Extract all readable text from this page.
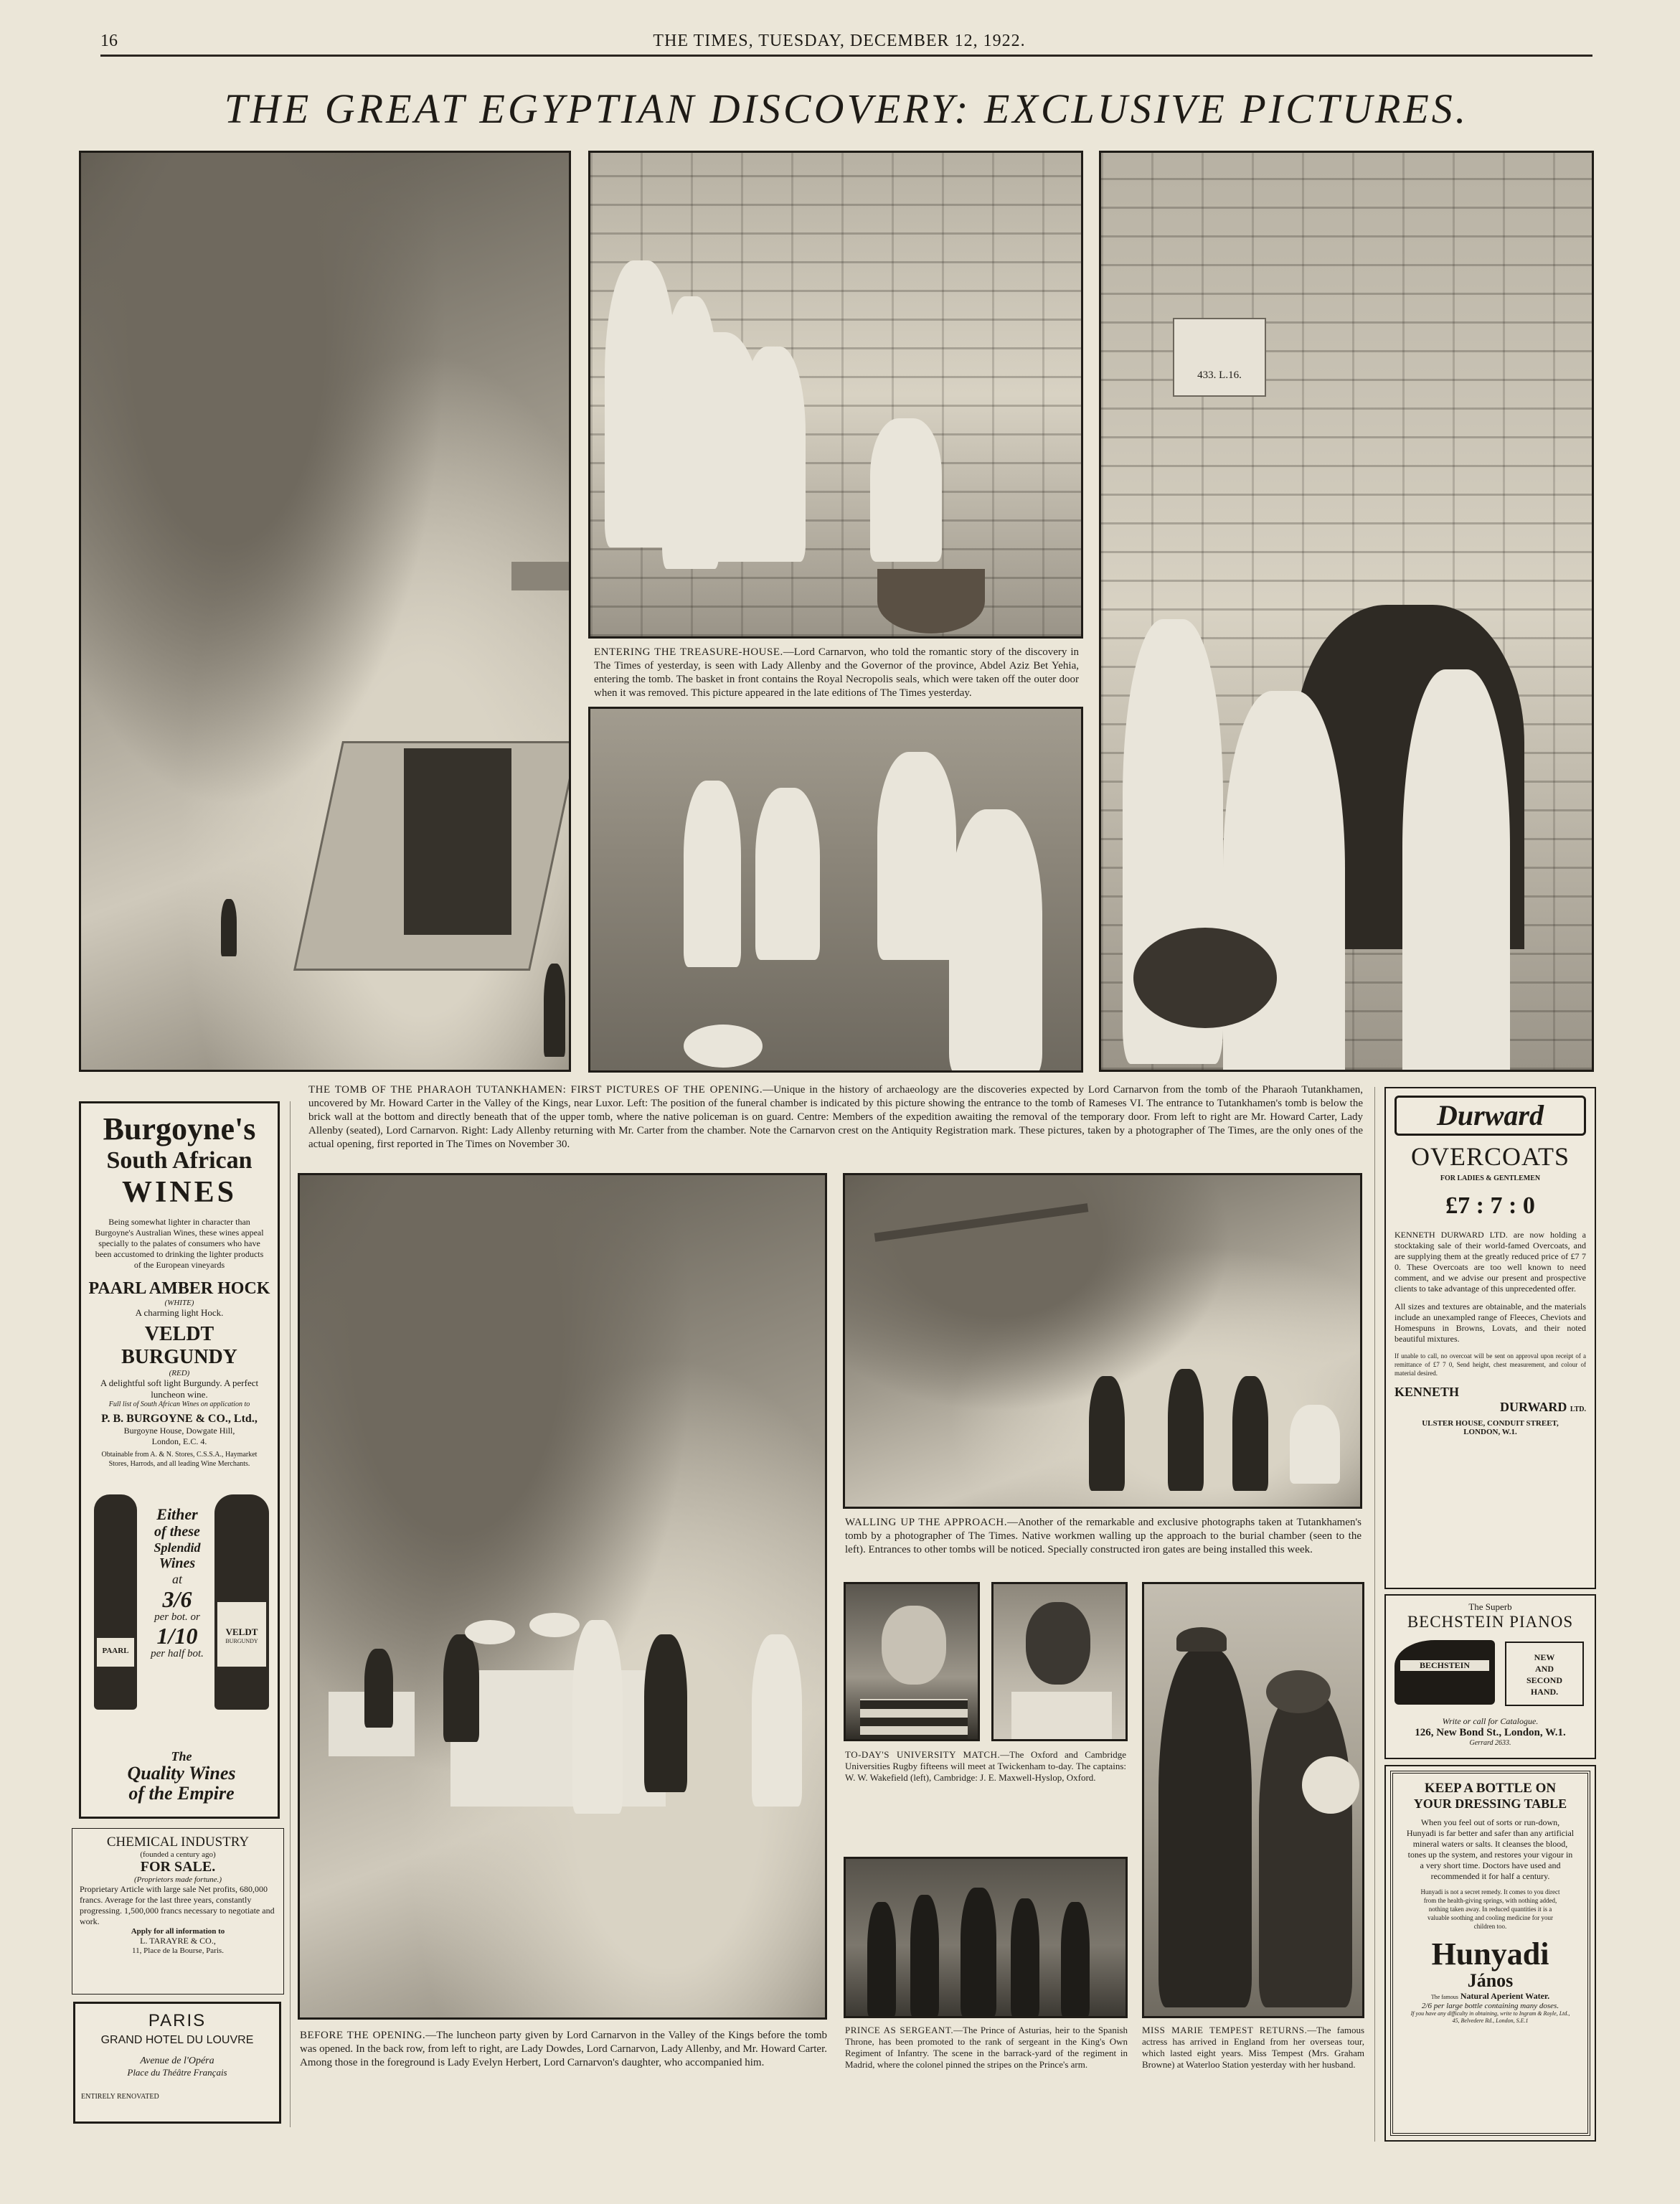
16	THE TIMES, TUESDAY, DECEMBER 12, 1922.
THE GREAT EGYPTIAN DISCOVERY: EXCLUSIVE PICTURES.
ENTERING THE TREASURE-HOUSE.—Lord Carnarvon, who told the romantic story of the discovery in The Times of yesterday, is seen with Lady Allenby and the Governor of the province, Abdel Aziz Bet Yehia, entering the tomb. The basket in front contains the Royal Necropolis seals, which were taken off the outer door when it was removed. This picture appeared in the late editions of The Times yesterday.
433. L.16.
THE TOMB OF THE PHARAOH TUTANKHAMEN: FIRST PICTURES OF THE OPENING.—Unique in the history of archaeology are the discoveries expected by Lord Carnarvon from the tomb of the Pharaoh Tutankhamen, uncovered by Mr. Howard Carter in the Valley of the Kings, near Luxor. Left: The position of the funeral chamber is indicated by this picture showing the entrance to the tomb of Rameses VI. The entrance to Tutankhamen's tomb is below the brick wall at the bottom and directly beneath that of the upper tomb, where the native policeman is on guard. Centre: Members of the expedition awaiting the removal of the temporary door. From left to right are Mr. Howard Carter, Lady Allenby (seated), Lord Carnarvon. Right: Lady Allenby returning with Mr. Carter from the chamber. Note the Carnarvon crest on the Antiquity Registration mark. These pictures, taken by a photographer of The Times, are the only ones of the actual opening, first reported in The Times on November 30.
Burgoyne's
South African
WINES
Being somewhat lighter in character than Burgoyne's Australian Wines, these wines appeal specially to the palates of consumers who have been accustomed to drinking the lighter products of the European vineyards
PAARL AMBER HOCK
(WHITE)
A charming light Hock.
VELDT BURGUNDY
(RED)
A delightful soft light Burgundy. A perfect luncheon wine.
Full list of South African Wines on application to
P. B. BURGOYNE & CO., Ltd.,
Burgoyne House, Dowgate Hill, London, E.C. 4.
Obtainable from A. & N. Stores, C.S.S.A., Haymarket Stores, Harrods, and all leading Wine Merchants.
PAARL
VELDT
BURGUNDY
Either
of these
Splendid
Wines
at
3/6
per bot. or
1/10
per half bot.
The
Quality Wines
of the Empire
CHEMICAL INDUSTRY
(founded a century ago)
FOR SALE.
(Proprietors made fortune.)
Proprietary Article with large sale Net profits, 680,000 francs. Average for the last three years, constantly progressing. 1,500,000 francs necessary to negotiate and work.
Apply for all information to
L. TARAYRE & CO.,
11, Place de la Bourse, Paris.
PARIS
GRAND HOTEL DU LOUVRE
Avenue de l'Opéra
Place du Théâtre Français
ENTIRELY RENOVATED
BEFORE THE OPENING.—The luncheon party given by Lord Carnarvon in the Valley of the Kings before the tomb was opened. In the back row, from left to right, are Lady Dowdes, Lord Carnarvon, Lady Allenby, and Mr. Howard Carter. Among those in the foreground is Lady Evelyn Herbert, Lord Carnarvon's daughter, who accompanied him.
WALLING UP THE APPROACH.—Another of the remarkable and exclusive photographs taken at Tutankhamen's tomb by a photographer of The Times. Native workmen walling up the approach to the burial chamber (seen to the left). Entrances to other tombs will be noticed. Specially constructed iron gates are being installed this week.
TO-DAY'S UNIVERSITY MATCH.—The Oxford and Cambridge Universities Rugby fifteens will meet at Twickenham to-day. The captains: W. W. Wakefield (left), Cambridge: J. E. Maxwell-Hyslop, Oxford.
PRINCE AS SERGEANT.—The Prince of Asturias, heir to the Spanish Throne, has been promoted to the rank of sergeant in the King's Own Regiment of Infantry. The scene in the barrack-yard of the regiment in Madrid, where the colonel pinned the stripes on the Prince's arm.
MISS MARIE TEMPEST RETURNS.—The famous actress has arrived in England from her overseas tour, which lasted eight years. Miss Tempest (Mrs. Graham Browne) at Waterloo Station yesterday with her husband.
Durward
OVERCOATS
FOR LADIES & GENTLEMEN
£7 : 7 : 0
KENNETH DURWARD LTD. are now holding a stocktaking sale of their world-famed Overcoats, and are supplying them at the greatly reduced price of £7 7 0. These Overcoats are too well known to need comment, and we advise our present and prospective clients to take advantage of this unprecedented offer.
All sizes and textures are obtainable, and the materials include an unexampled range of Fleeces, Cheviots and Homespuns in Browns, Lovats, and their noted beautiful mixtures.
If unable to call, no overcoat will be sent on approval upon receipt of a remittance of £7 7 0, Send height, chest measurement, and colour of material desired.
KENNETH
DURWARD LTD.
ULSTER HOUSE, CONDUIT STREET,
LONDON, W.1.
The Superb
BECHSTEIN PIANOS
BECHSTEIN
NEW
AND
SECOND
HAND.
Write or call for Catalogue.
126, New Bond St., London, W.1.
Gerrard 2633.
KEEP A BOTTLE ON
YOUR DRESSING TABLE
When you feel out of sorts or run-down, Hunyadi is far better and safer than any artificial mineral waters or salts. It cleanses the blood, tones up the system, and restores your vigour in a very short time. Doctors have used and recommended it for half a century.
Hunyadi is not a secret remedy. It comes to you direct from the health-giving springs, with nothing added, nothing taken away. In reduced quantities it is a valuable soothing and cooling medicine for your children too.
Hunyadi
János
The famous Natural Aperient Water.
2/6 per large bottle containing many doses.
If you have any difficulty in obtaining, write to Ingram & Royle, Ltd., 45, Belvedere Rd., London, S.E.1
